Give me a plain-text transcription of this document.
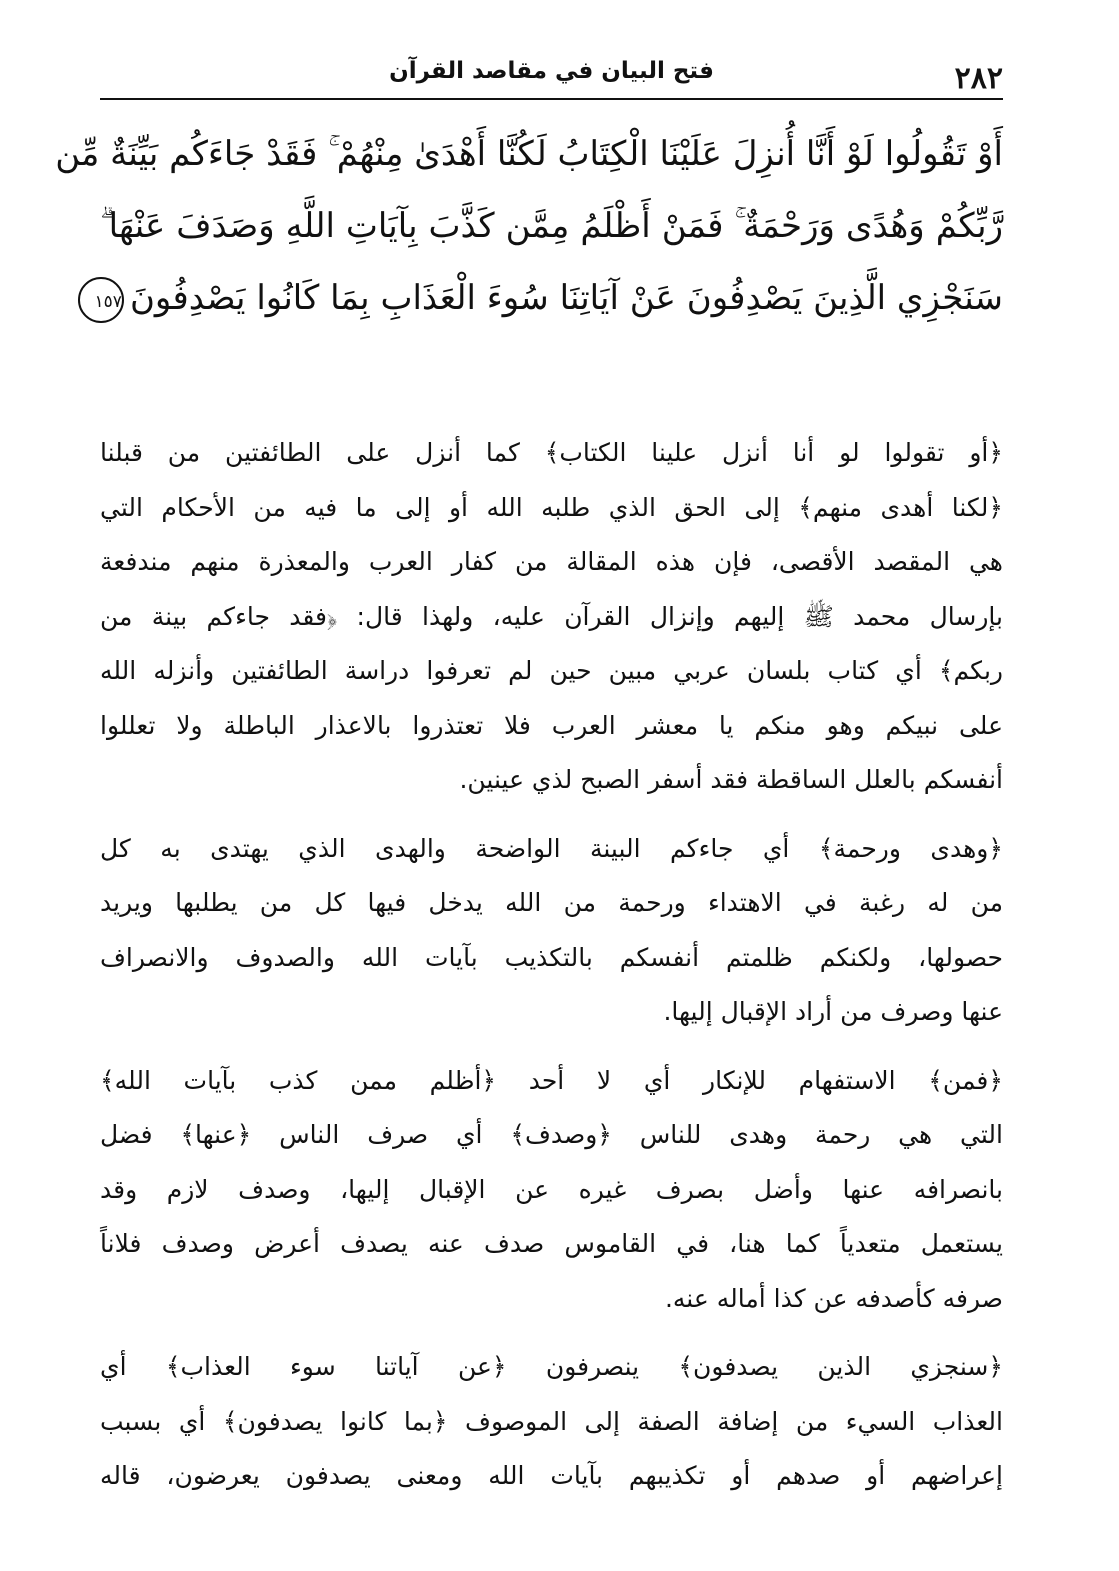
٢٨٢
فتح البيان في مقاصد القرآن
أَوْ تَقُولُوا لَوْ أَنَّا أُنزِلَ عَلَيْنَا الْكِتَابُ لَكُنَّا أَهْدَىٰ مِنْهُمْ ۚ فَقَدْ جَاءَكُم بَيِّنَةٌ مِّن
رَّبِّكُمْ وَهُدًى وَرَحْمَةٌ ۚ فَمَنْ أَظْلَمُ مِمَّن كَذَّبَ بِآيَاتِ اللَّهِ وَصَدَفَ عَنْهَا ۗ
سَنَجْزِي الَّذِينَ يَصْدِفُونَ عَنْ آيَاتِنَا سُوءَ الْعَذَابِ بِمَا كَانُوا يَصْدِفُونَ١٥٧
﴿أو تقولوا لو أنا أنزل علينا الكتاب﴾ كما أنزل على الطائفتين من قبلنا
﴿لكنا أهدى منهم﴾ إلى الحق الذي طلبه الله أو إلى ما فيه من الأحكام التي
هي المقصد الأقصى، فإن هذه المقالة من كفار العرب والمعذرة منهم مندفعة
بإرسال محمد ﷺ إليهم وإنزال القرآن عليه، ولهذا قال: ﴿فقد جاءكم بينة من
ربكم﴾ أي كتاب بلسان عربي مبين حين لم تعرفوا دراسة الطائفتين وأنزله الله
على نبيكم وهو منكم يا معشر العرب فلا تعتذروا بالاعذار الباطلة ولا تعللوا
أنفسكم بالعلل الساقطة فقد أسفر الصبح لذي عينين.
﴿وهدى ورحمة﴾ أي جاءكم البينة الواضحة والهدى الذي يهتدى به كل
من له رغبة في الاهتداء ورحمة من الله يدخل فيها كل من يطلبها ويريد
حصولها، ولكنكم ظلمتم أنفسكم بالتكذيب بآيات الله والصدوف والانصراف
عنها وصرف من أراد الإقبال إليها.
﴿فمن﴾ الاستفهام للإنكار أي لا أحد ﴿أظلم ممن كذب بآيات الله﴾
التي هي رحمة وهدى للناس ﴿وصدف﴾ أي صرف الناس ﴿عنها﴾ فضل
بانصرافه عنها وأضل بصرف غيره عن الإقبال إليها، وصدف لازم وقد
يستعمل متعدياً كما هنا، في القاموس صدف عنه يصدف أعرض وصدف فلاناً
صرفه كأصدفه عن كذا أماله عنه.
﴿سنجزي الذين يصدفون﴾ ينصرفون ﴿عن آياتنا سوء العذاب﴾ أي
العذاب السيء من إضافة الصفة إلى الموصوف ﴿بما كانوا يصدفون﴾ أي بسبب
إعراضهم أو صدهم أو تكذيبهم بآيات الله ومعنى يصدفون يعرضون، قاله
